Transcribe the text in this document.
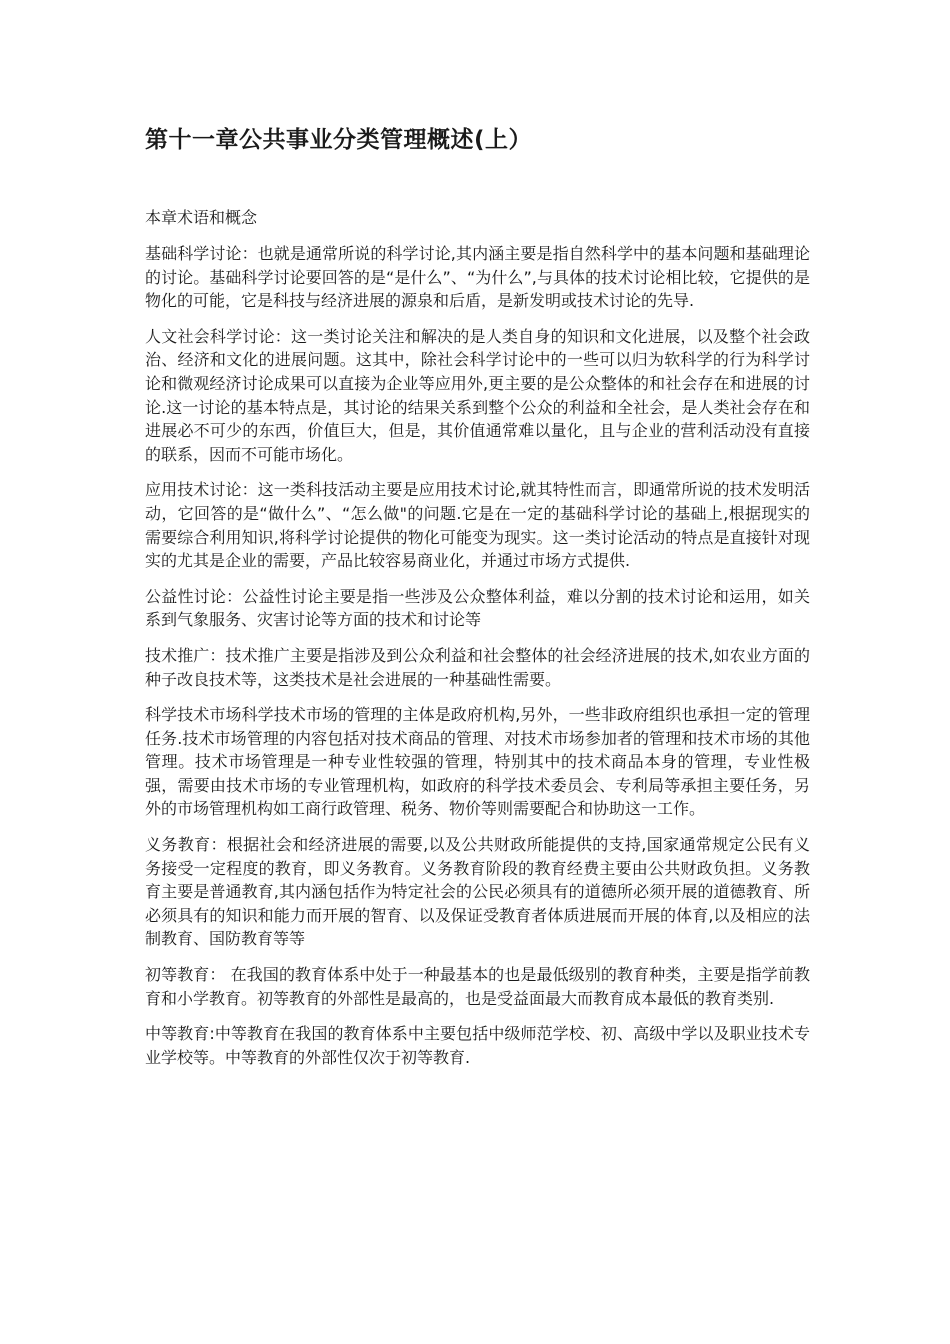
第十一章公共事业分类管理概述(上）

本章术语和概念

基础科学讨论：也就是通常所说的科学讨论,其内涵主要是指自然科学中的基本问题和基础理论的讨论。基础科学讨论要回答的是“是什么”、“为什么”,与具体的技术讨论相比较，它提供的是物化的可能，它是科技与经济进展的源泉和后盾，是新发明或技术讨论的先导.

人文社会科学讨论：这一类讨论关注和解决的是人类自身的知识和文化进展，以及整个社会政治、经济和文化的进展问题。这其中，除社会科学讨论中的一些可以归为软科学的行为科学讨论和微观经济讨论成果可以直接为企业等应用外,更主要的是公众整体的和社会存在和进展的讨论.这一讨论的基本特点是，其讨论的结果关系到整个公众的利益和全社会，是人类社会存在和进展必不可少的东西，价值巨大，但是，其价值通常难以量化，且与企业的营利活动没有直接的联系，因而不可能市场化。

应用技术讨论：这一类科技活动主要是应用技术讨论,就其特性而言，即通常所说的技术发明活动，它回答的是“做什么”、“怎么做"的问题.它是在一定的基础科学讨论的基础上,根据现实的需要综合利用知识,将科学讨论提供的物化可能变为现实。这一类讨论活动的特点是直接针对现实的尤其是企业的需要，产品比较容易商业化，并通过市场方式提供.

公益性讨论：公益性讨论主要是指一些涉及公众整体利益，难以分割的技术讨论和运用，如关系到气象服务、灾害讨论等方面的技术和讨论等

技术推广：技术推广主要是指涉及到公众利益和社会整体的社会经济进展的技术,如农业方面的种子改良技术等，这类技术是社会进展的一种基础性需要。

科学技术市场科学技术市场的管理的主体是政府机构,另外，一些非政府组织也承担一定的管理任务.技术市场管理的内容包括对技术商品的管理、对技术市场参加者的管理和技术市场的其他管理。技术市场管理是一种专业性较强的管理，特别其中的技术商品本身的管理，专业性极强，需要由技术市场的专业管理机构，如政府的科学技术委员会、专利局等承担主要任务，另外的市场管理机构如工商行政管理、税务、物价等则需要配合和协助这一工作。

义务教育：根据社会和经济进展的需要,以及公共财政所能提供的支持,国家通常规定公民有义务接受一定程度的教育，即义务教育。义务教育阶段的教育经费主要由公共财政负担。义务教育主要是普通教育,其内涵包括作为特定社会的公民必须具有的道德所必须开展的道德教育、所必须具有的知识和能力而开展的智育、以及保证受教育者体质进展而开展的体育,以及相应的法制教育、国防教育等等

初等教育： 在我国的教育体系中处于一种最基本的也是最低级别的教育种类，主要是指学前教育和小学教育。初等教育的外部性是最高的，也是受益面最大而教育成本最低的教育类别.

中等教育:中等教育在我国的教育体系中主要包括中级师范学校、初、高级中学以及职业技术专业学校等。中等教育的外部性仅次于初等教育.
